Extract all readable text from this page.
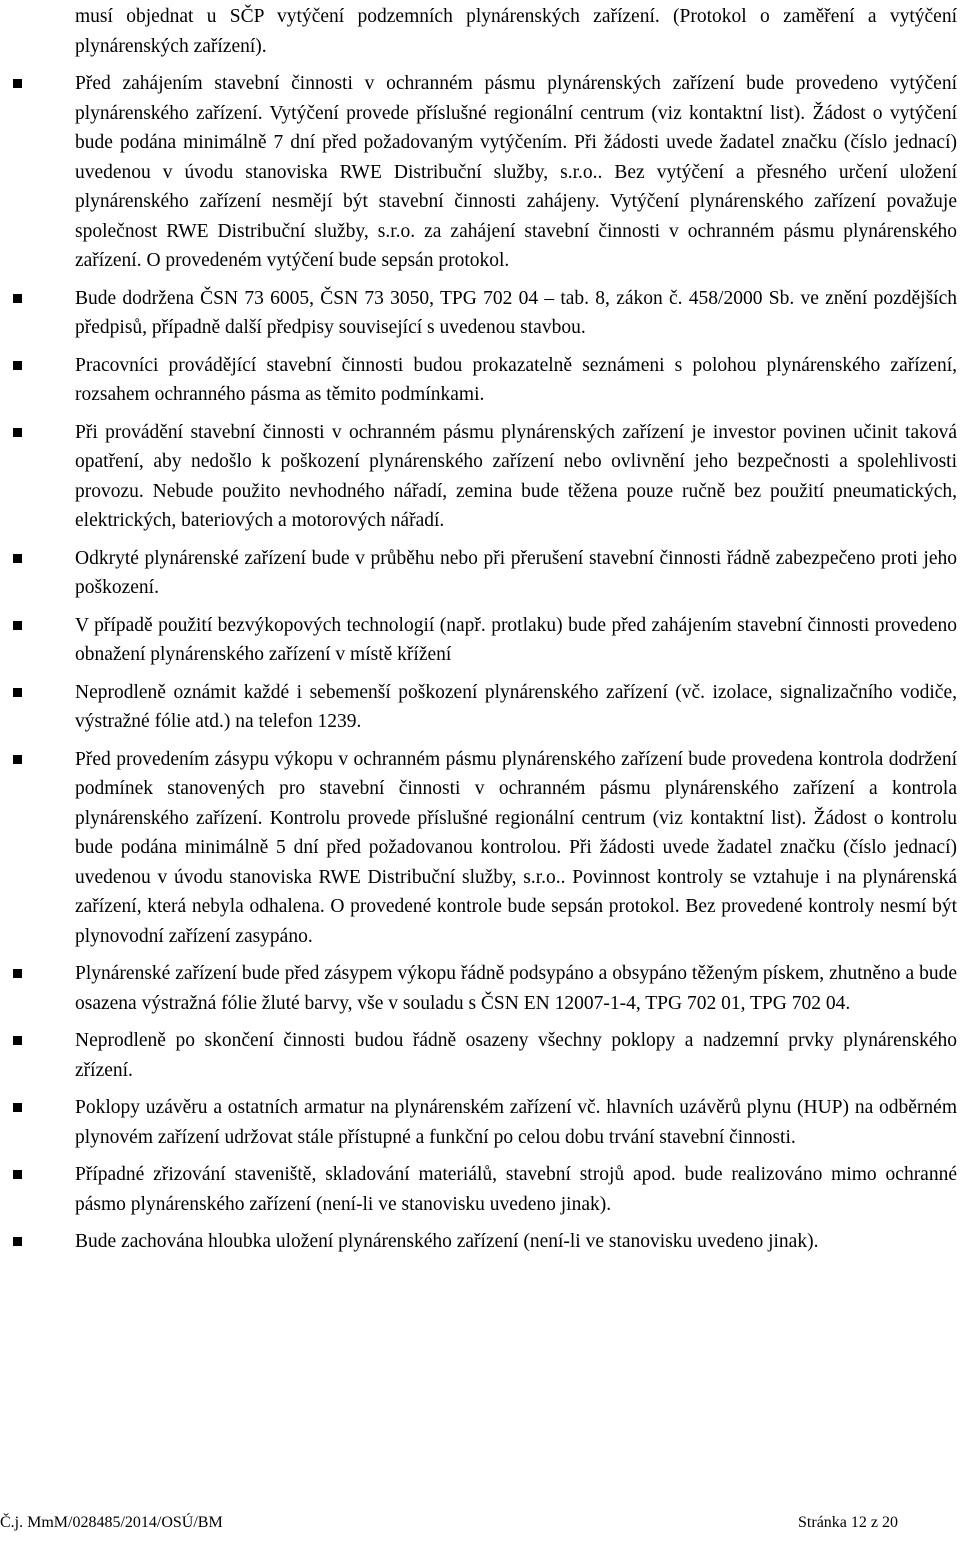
musí objednat u SČP vytýčení podzemních plynárenských zařízení. (Protokol o zaměření a vytýčení plynárenských zařízení).

Před zahájením stavební činnosti v ochranném pásmu plynárenských zařízení bude provedeno vytýčení plynárenského zařízení. Vytýčení provede příslušné regionální centrum (viz kontaktní list). Žádost o vytýčení bude podána minimálně 7 dní před požadovaným vytýčením. Při žádosti uvede žadatel značku (číslo jednací) uvedenou v úvodu stanoviska RWE Distribuční služby, s.r.o.. Bez vytýčení a přesného určení uložení plynárenského zařízení nesmějí být stavební činnosti zahájeny. Vytýčení plynárenského zařízení považuje společnost RWE Distribuční služby, s.r.o. za zahájení stavební činnosti v ochranném pásmu plynárenského zařízení. O provedeném vytýčení bude sepsán protokol.
Bude dodržena ČSN 73 6005, ČSN 73 3050, TPG 702 04 – tab. 8, zákon č. 458/2000 Sb. ve znění pozdějších předpisů, případně další předpisy související s uvedenou stavbou.
Pracovníci provádějící stavební činnosti budou prokazatelně seznámeni s polohou plynárenského zařízení, rozsahem ochranného pásma as těmito podmínkami.
Při provádění stavební činnosti v ochranném pásmu plynárenských zařízení je investor povinen učinit taková opatření, aby nedošlo k poškození plynárenského zařízení nebo ovlivnění jeho bezpečnosti a spolehlivosti provozu. Nebude použito nevhodného nářadí, zemina bude těžena pouze ručně bez použití pneumatických, elektrických, bateriových a motorových nářadí.
Odkryté plynárenské zařízení bude v průběhu nebo při přerušení stavební činnosti řádně zabezpečeno proti jeho poškození.
V případě použití bezvýkopových technologií (např. protlaku) bude před zahájením stavební činnosti provedeno obnažení plynárenského zařízení v místě křížení
Neprodleně oznámit každé i sebemenší poškození plynárenského zařízení (vč. izolace, signalizačního vodiče, výstražné fólie atd.) na telefon 1239.
Před provedením zásypu výkopu v ochranném pásmu plynárenského zařízení bude provedena kontrola dodržení podmínek stanovených pro stavební činnosti v ochranném pásmu plynárenského zařízení a kontrola plynárenského zařízení. Kontrolu provede příslušné regionální centrum (viz kontaktní list). Žádost o kontrolu bude podána minimálně 5 dní před požadovanou kontrolou. Při žádosti uvede žadatel značku (číslo jednací) uvedenou v úvodu stanoviska RWE Distribuční služby, s.r.o.. Povinnost kontroly se vztahuje i na plynárenská zařízení, která nebyla odhalena. O provedené kontrole bude sepsán protokol. Bez provedené kontroly nesmí být plynovodní zařízení zasypáno.
Plynárenské zařízení bude před zásypem výkopu řádně podsypáno a obsypáno těženým pískem, zhutněno a bude osazena výstražná fólie žluté barvy, vše v souladu s ČSN EN 12007-1-4, TPG 702 01, TPG 702 04.
Neprodleně po skončení činnosti budou řádně osazeny všechny poklopy a nadzemní prvky plynárenského zřízení.
Poklopy uzávěru a ostatních armatur na plynárenském zařízení vč. hlavních uzávěrů plynu (HUP) na odběrném plynovém zařízení udržovat stále přístupné a funkční po celou dobu trvání stavební činnosti.
Případné zřizování staveniště, skladování materiálů, stavební strojů apod. bude realizováno mimo ochranné pásmo plynárenského zařízení (není-li ve stanovisku uvedeno jinak).
Bude zachována hloubka uložení plynárenského zařízení (není-li ve stanovisku uvedeno jinak).
Č.j. MmM/028485/2014/OSÚ/BM	Stránka 12 z 20
